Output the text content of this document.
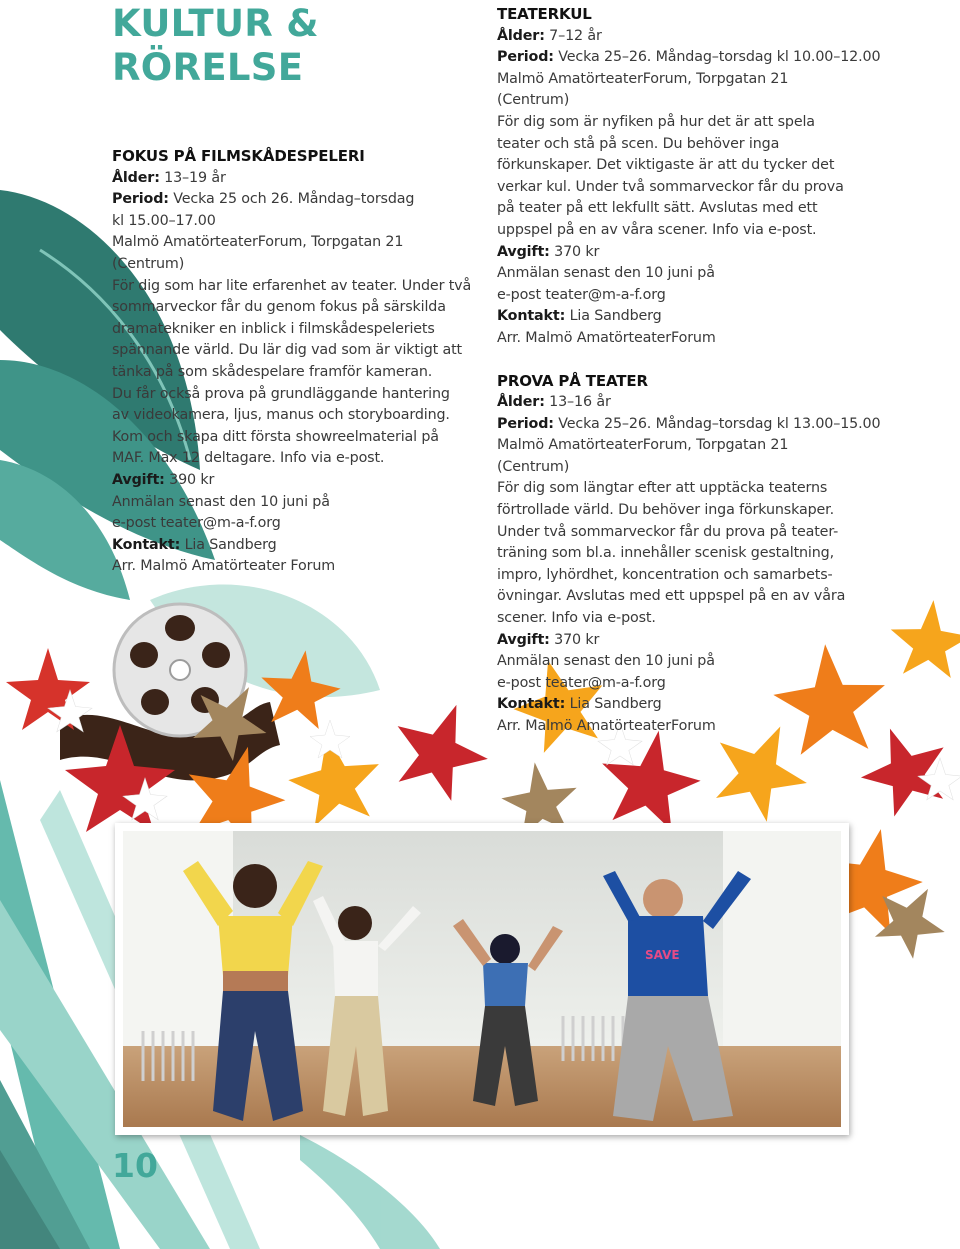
KULTUR &
RÖRELSE
FOKUS PÅ FILMSKÅDESPELERI
Ålder: 13–19 år
Period: Vecka 25 och 26. Måndag–torsdag
kl 15.00–17.00
Malmö AmatörteaterForum, Torpgatan 21
(Centrum)
För dig som har lite erfarenhet av teater. Under två
sommarveckor får du genom fokus på särskilda
dramatekniker en inblick i filmskådespeleriets
spännande värld. Du lär dig vad som är viktigt att
tänka på som skådespelare framför kameran.
Du får också prova på grundläggande hantering
av videokamera, ljus, manus och storyboarding.
Kom och skapa ditt första showreelmaterial på
MAF. Max 12 deltagare. Info via e-post.
Avgift: 390 kr
Anmälan senast den 10 juni på
e-post teater@m-a-f.org
Kontakt: Lia Sandberg
Arr. Malmö Amatörteater Forum
TEATERKUL
Ålder: 7–12 år
Period: Vecka 25–26. Måndag–torsdag kl 10.00–12.00
Malmö AmatörteaterForum, Torpgatan 21
(Centrum)
För dig som är nyfiken på hur det är att spela
teater och stå på scen. Du behöver inga
förkunskaper. Det viktigaste är att du tycker det
verkar kul. Under två sommarveckor får du prova
på teater på ett lekfullt sätt. Avslutas med ett
uppspel på en av våra scener. Info via e-post.
Avgift: 370 kr
Anmälan senast den 10 juni på
e-post teater@m-a-f.org
Kontakt: Lia Sandberg
Arr. Malmö AmatörteaterForum
PROVA PÅ TEATER
Ålder: 13–16 år
Period: Vecka 25–26. Måndag–torsdag kl 13.00–15.00
Malmö AmatörteaterForum, Torpgatan 21
(Centrum)
För dig som längtar efter att upptäcka teaterns
förtrollade värld. Du behöver inga förkunskaper.
Under två sommarveckor får du prova på teater-
träning som bl.a. innehåller scenisk gestaltning,
impro, lyhördhet, koncentration och samarbets-
övningar. Avslutas med ett uppspel på en av våra
scener. Info via e-post.
Avgift: 370 kr
Anmälan senast den 10 juni på
e-post teater@m-a-f.org
Kontakt: Lia Sandberg
Arr. Malmö AmatörteaterForum
SAVE
10
